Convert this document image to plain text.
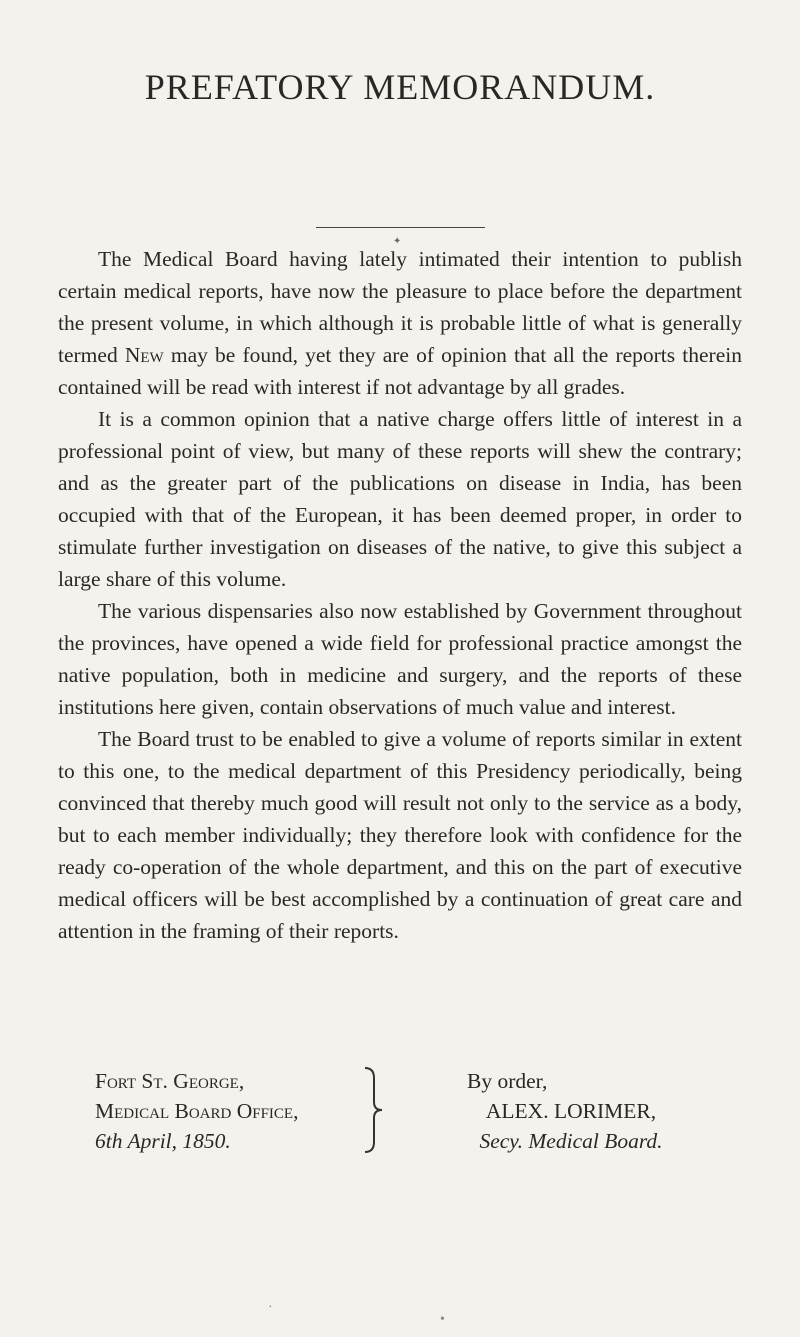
PREFATORY MEMORANDUM.
✦

The Medical Board having lately intimated their intention to publish certain medical reports, have now the pleasure to place before the department the present volume, in which although it is probable little of what is generally termed New may be found, yet they are of opinion that all the reports therein contained will be read with interest if not advantage by all grades.

It is a common opinion that a native charge offers little of interest in a professional point of view, but many of these reports will shew the contrary; and as the greater part of the publications on disease in India, has been occupied with that of the European, it has been deemed proper, in order to stimulate further investigation on diseases of the native, to give this subject a large share of this volume.

The various dispensaries also now established by Government throughout the provinces, have opened a wide field for professional practice amongst the native population, both in medicine and surgery, and the reports of these institutions here given, contain observations of much value and interest.

The Board trust to be enabled to give a volume of reports similar in extent to this one, to the medical department of this Presidency periodically, being convinced that thereby much good will result not only to the service as a body, but to each member individually; they therefore look with confidence for the ready co-operation of the whole department, and this on the part of executive medical officers will be best accomplished by a continuation of great care and attention in the framing of their reports.

Fort St. George,
Medical Board Office,
6th April, 1850.
By order,
ALEX. LORIMER,
Secy. Medical Board.
·
•
